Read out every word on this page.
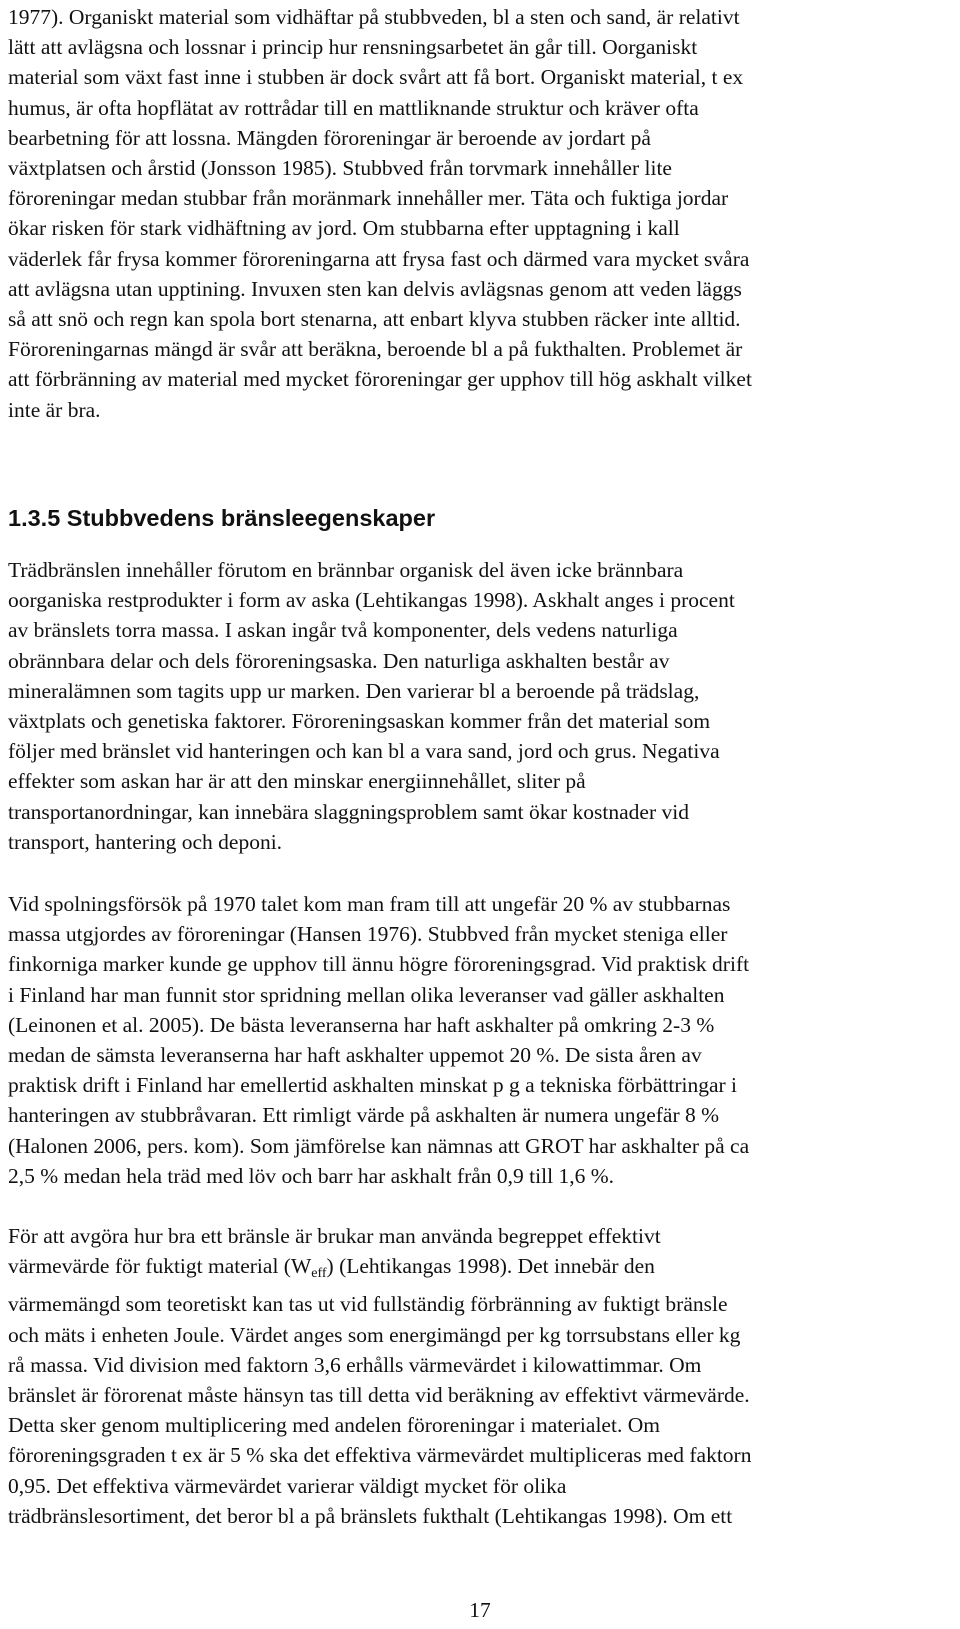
1977). Organiskt material som vidhäftar på stubbveden, bl a sten och sand, är relativt
lätt att avlägsna och lossnar i princip hur rensningsarbetet än går till. Oorganiskt
material som växt fast inne i stubben är dock svårt att få bort. Organiskt material, t ex
humus, är ofta hopflätat av rottrådar till en mattliknande struktur och kräver ofta
bearbetning för att lossna. Mängden föroreningar är beroende av jordart på
växtplatsen och årstid (Jonsson 1985). Stubbved från torvmark innehåller lite
föroreningar medan stubbar från moränmark innehåller mer. Täta och fuktiga jordar
ökar risken för stark vidhäftning av jord. Om stubbarna efter upptagning i kall
väderlek får frysa kommer föroreningarna att frysa fast och därmed vara mycket svåra
att avlägsna utan upptining. Invuxen sten kan delvis avlägsnas genom att veden läggs
så att snö och regn kan spola bort stenarna, att enbart klyva stubben räcker inte alltid.
Föroreningarnas mängd är svår att beräkna, beroende bl a på fukthalten. Problemet är
att förbränning av material med mycket föroreningar ger upphov till hög askhalt vilket
inte är bra.

1.3.5 Stubbvedens bränsleegenskaper

Trädbränslen innehåller förutom en brännbar organisk del även icke brännbara
oorganiska restprodukter i form av aska (Lehtikangas 1998). Askhalt anges i procent
av bränslets torra massa. I askan ingår två komponenter, dels vedens naturliga
obrännbara delar och dels föroreningsaska. Den naturliga askhalten består av
mineralämnen som tagits upp ur marken. Den varierar bl a beroende på trädslag,
växtplats och genetiska faktorer. Föroreningsaskan kommer från det material som
följer med bränslet vid hanteringen och kan bl a vara sand, jord och grus. Negativa
effekter som askan har är att den minskar energiinnehållet, sliter på
transportanordningar, kan innebära slaggningsproblem samt ökar kostnader vid
transport, hantering och deponi.

Vid spolningsförsök på 1970 talet kom man fram till att ungefär 20 % av stubbarnas
massa utgjordes av föroreningar (Hansen 1976). Stubbved från mycket steniga eller
finkorniga marker kunde ge upphov till ännu högre föroreningsgrad. Vid praktisk drift
i Finland har man funnit stor spridning mellan olika leveranser vad gäller askhalten
(Leinonen et al. 2005). De bästa leveranserna har haft askhalter på omkring 2-3 %
medan de sämsta leveranserna har haft askhalter uppemot 20 %. De sista åren av
praktisk drift i Finland har emellertid askhalten minskat p g a tekniska förbättringar i
hanteringen av stubbråvaran. Ett rimligt värde på askhalten är numera ungefär 8 %
(Halonen 2006, pers. kom). Som jämförelse kan nämnas att GROT har askhalter på ca
2,5 % medan hela träd med löv och barr har askhalt från 0,9 till 1,6 %.

För att avgöra hur bra ett bränsle är brukar man använda begreppet effektivt
värmevärde för fuktigt material $(W_{eff})$ (Lehtikangas 1998). Det innebär den
värmemängd som teoretiskt kan tas ut vid fullständig förbränning av fuktigt bränsle
och mäts i enheten Joule. Värdet anges som energimängd per kg torrsubstans eller kg
rå massa. Vid division med faktorn 3,6 erhålls värmevärdet i kilowattimmar. Om
bränslet är förorenat måste hänsyn tas till detta vid beräkning av effektivt värmevärde.
Detta sker genom multiplicering med andelen föroreningar i materialet. Om
föroreningsgraden t ex är 5 % ska det effektiva värmevärdet multipliceras med faktorn
0,95. Det effektiva värmevärdet varierar väldigt mycket för olika
trädbränslesortiment, det beror bl a på bränslets fukthalt (Lehtikangas 1998). Om ett

17
